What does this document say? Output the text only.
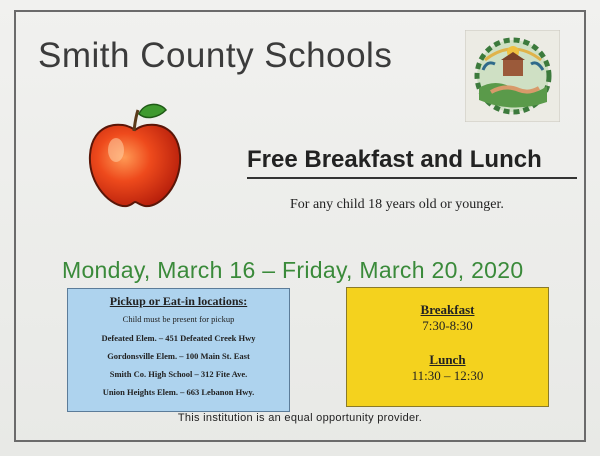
Smith County Schools
Free Breakfast and Lunch
For any child 18 years old or younger.
Monday, March 16 – Friday, March 20, 2020
Pickup or Eat-in locations:
Child must be present for pickup
Defeated Elem. – 451 Defeated Creek Hwy
Gordonsville Elem. – 100 Main St. East
Smith Co. High School – 312 Fite Ave.
Union Heights Elem. – 663 Lebanon Hwy.
Breakfast
7:30-8:30
Lunch
11:30 – 12:30
This institution is an equal opportunity provider.
